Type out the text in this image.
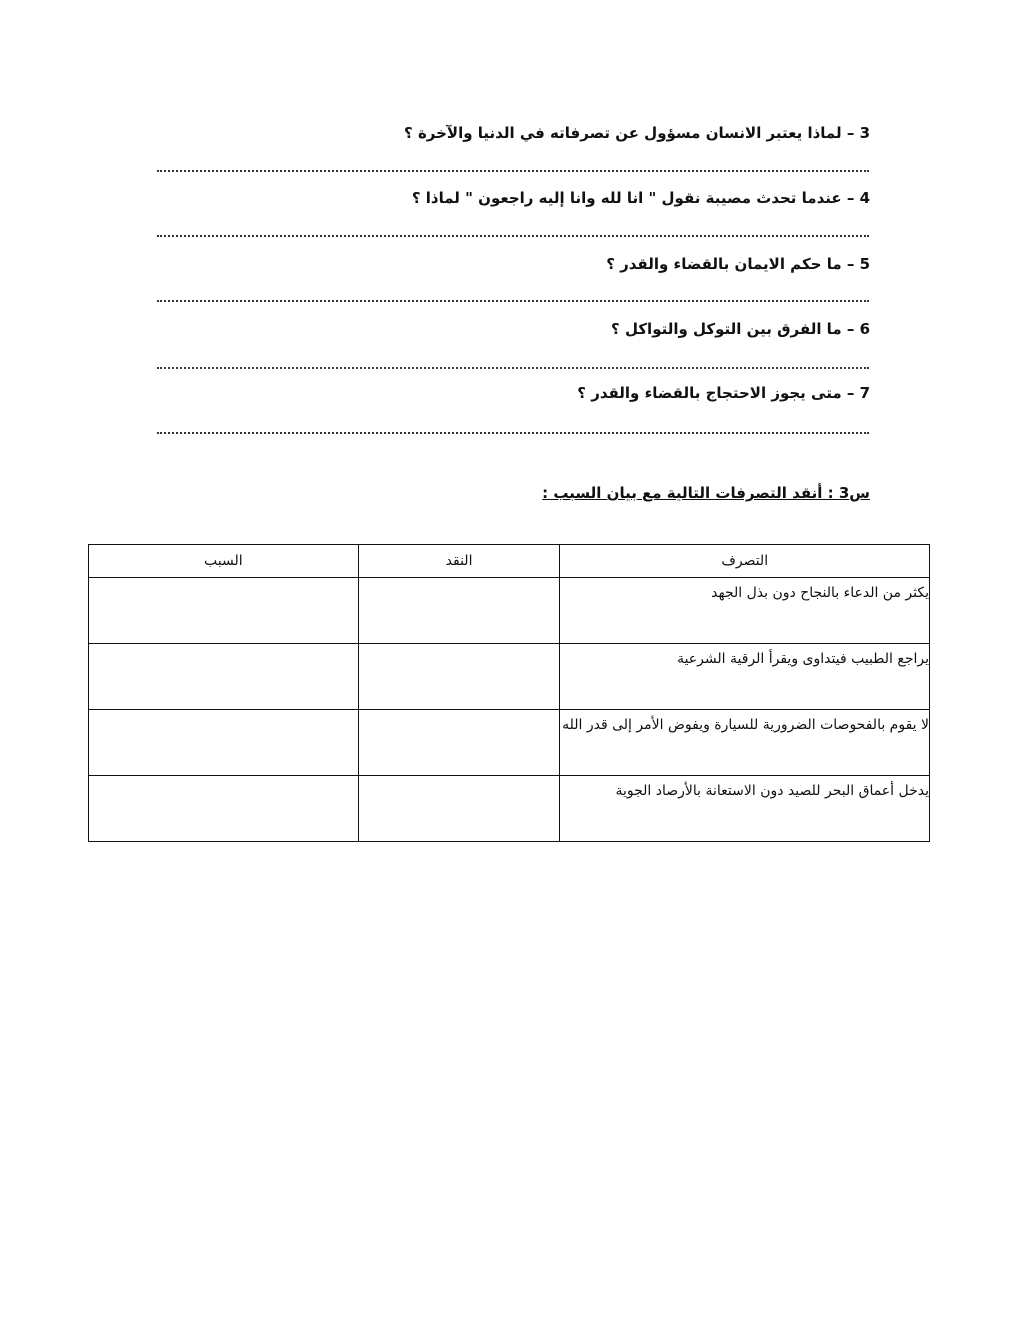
3 – لماذا يعتبر الانسان مسؤول عن تصرفاته في الدنيا والآخرة ؟
4 – عندما تحدث مصيبة نقول " انا لله وانا إليه راجعون " لماذا ؟
5 – ما حكم الايمان بالقضاء والقدر ؟
6 – ما الفرق بين التوكل والتواكل ؟
7 – متى يجوز الاحتجاج بالقضاء والقدر ؟
س3 : أنقد التصرفات التالية مع بيان السبب :
التصرف	النقد	السبب
يكثر من الدعاء بالنجاح دون بذل الجهد		
يراجع الطبيب فيتداوى ويقرأ الرقية الشرعية		
لا يقوم بالفحوصات الضرورية للسيارة ويفوض الأمر إلى قدر الله		
يدخل أعماق البحر للصيد دون الاستعانة بالأرصاد الجوية		
